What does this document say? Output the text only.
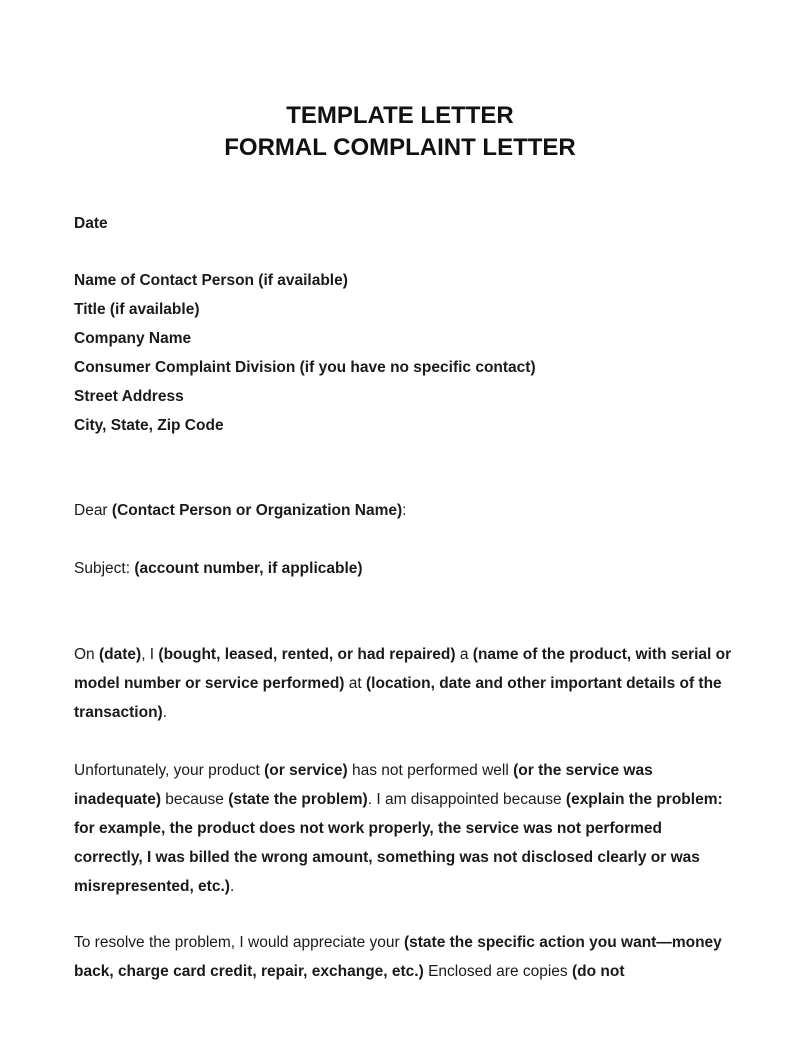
TEMPLATE LETTER

FORMAL COMPLAINT LETTER

Date

Name of Contact Person (if available)

Title (if available)

Company Name

Consumer Complaint Division (if you have no specific contact)

Street Address

City, State, Zip Code

Dear (Contact Person or Organization Name):

Subject: (account number, if applicable)

On (date), I (bought, leased, rented, or had repaired) a (name of the product, with serial or model number or service performed) at (location, date and other important details of the transaction).

Unfortunately, your product (or service) has not performed well (or the service was inadequate) because (state the problem). I am disappointed because (explain the problem: for example, the product does not work properly, the service was not performed correctly, I was billed the wrong amount, something was not disclosed clearly or was misrepresented, etc.).

To resolve the problem, I would appreciate your (state the specific action you want—money back, charge card credit, repair, exchange, etc.) Enclosed are copies (do not
